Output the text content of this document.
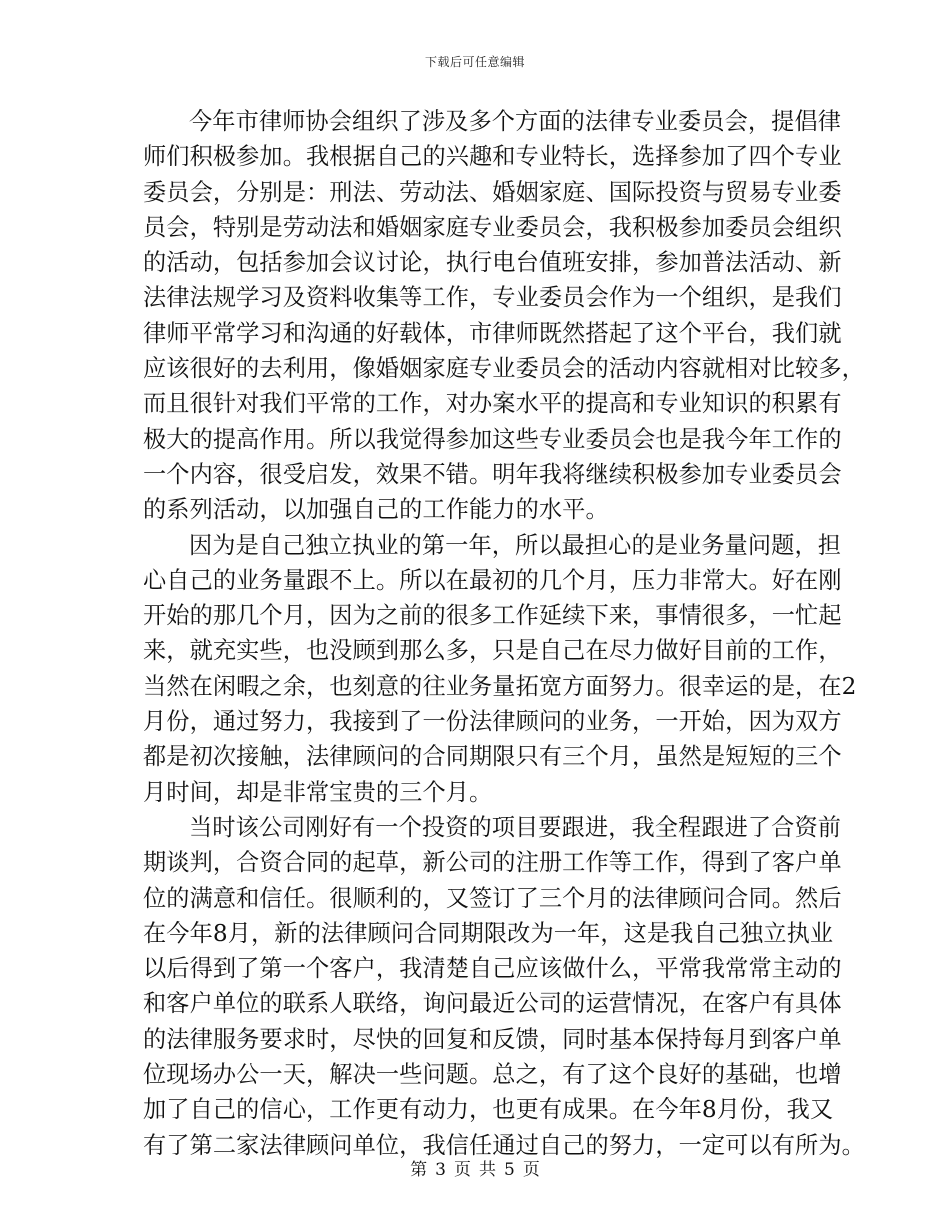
下载后可任意编辑
今年市律师协会组织了涉及多个方面的法律专业委员会，提倡律
师们积极参加。我根据自己的兴趣和专业特长，选择参加了四个专业
委员会，分别是：刑法、劳动法、婚姻家庭、国际投资与贸易专业委
员会，特别是劳动法和婚姻家庭专业委员会，我积极参加委员会组织
的活动，包括参加会议讨论，执行电台值班安排，参加普法活动、新
法律法规学习及资料收集等工作，专业委员会作为一个组织，是我们
律师平常学习和沟通的好载体，市律师既然搭起了这个平台，我们就
应该很好的去利用，像婚姻家庭专业委员会的活动内容就相对比较多，
而且很针对我们平常的工作，对办案水平的提高和专业知识的积累有
极大的提高作用。所以我觉得参加这些专业委员会也是我今年工作的
一个内容，很受启发，效果不错。明年我将继续积极参加专业委员会
的系列活动，以加强自己的工作能力的水平。
因为是自己独立执业的第一年，所以最担心的是业务量问题，担
心自己的业务量跟不上。所以在最初的几个月，压力非常大。好在刚
开始的那几个月，因为之前的很多工作延续下来，事情很多，一忙起
来，就充实些，也没顾到那么多，只是自己在尽力做好目前的工作，
当然在闲暇之余，也刻意的往业务量拓宽方面努力。很幸运的是，在2
月份，通过努力，我接到了一份法律顾问的业务，一开始，因为双方
都是初次接触，法律顾问的合同期限只有三个月，虽然是短短的三个
月时间，却是非常宝贵的三个月。
当时该公司刚好有一个投资的项目要跟进，我全程跟进了合资前
期谈判，合资合同的起草，新公司的注册工作等工作，得到了客户单
位的满意和信任。很顺利的，又签订了三个月的法律顾问合同。然后
在今年8月，新的法律顾问合同期限改为一年，这是我自己独立执业
以后得到了第一个客户，我清楚自己应该做什么，平常我常常主动的
和客户单位的联系人联络，询问最近公司的运营情况，在客户有具体
的法律服务要求时，尽快的回复和反馈，同时基本保持每月到客户单
位现场办公一天，解决一些问题。总之，有了这个良好的基础，也增
加了自己的信心，工作更有动力，也更有成果。在今年8月份，我又
有了第二家法律顾问单位，我信任通过自己的努力，一定可以有所为。
第 3 页 共 5 页
